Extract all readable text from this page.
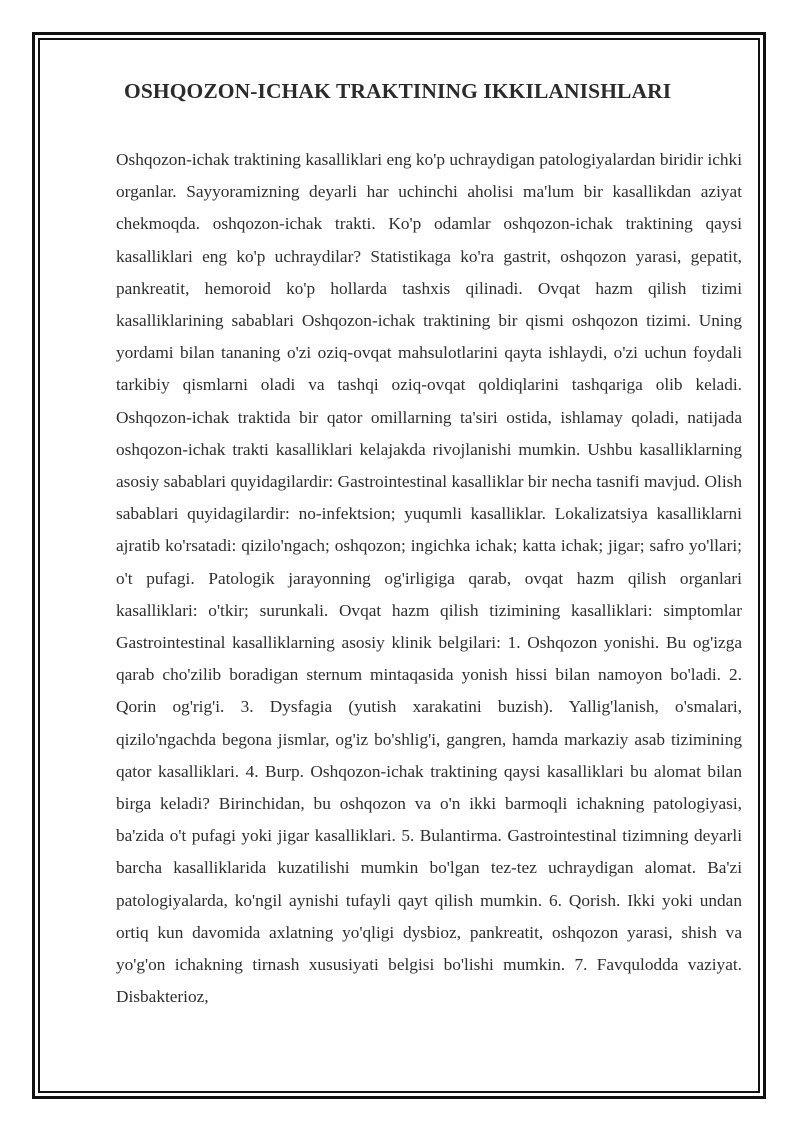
OSHQOZON-ICHAK TRAKTINING IKKILANISHLARI

Oshqozon-ichak traktining kasalliklari eng ko'p uchraydigan patologiyalardan biridir ichki organlar. Sayyoramizning deyarli har uchinchi aholisi ma'lum bir kasallikdan aziyat chekmoqda. oshqozon-ichak trakti. Ko'p odamlar oshqozon-ichak traktining qaysi kasalliklari eng ko'p uchraydilar? Statistikaga ko'ra gastrit, oshqozon yarasi, gepatit, pankreatit, hemoroid ko'p hollarda tashxis qilinadi. Ovqat hazm qilish tizimi kasalliklarining sabablari Oshqozon-ichak traktining bir qismi oshqozon tizimi. Uning yordami bilan tananing o'zi oziq-ovqat mahsulotlarini qayta ishlaydi, o'zi uchun foydali tarkibiy qismlarni oladi va tashqi oziq-ovqat qoldiqlarini tashqariga olib keladi. Oshqozon-ichak traktida bir qator omillarning ta'siri ostida, ishlamay qoladi, natijada oshqozon-ichak trakti kasalliklari kelajakda rivojlanishi mumkin. Ushbu kasalliklarning asosiy sabablari quyidagilardir: Gastrointestinal kasalliklar bir necha tasnifi mavjud. Olish sabablari quyidagilardir: no-infektsion; yuqumli kasalliklar. Lokalizatsiya kasalliklarni ajratib ko'rsatadi: qizilo'ngach; oshqozon; ingichka ichak; katta ichak; jigar; safro yo'llari; o't pufagi. Patologik jarayonning og'irligiga qarab, ovqat hazm qilish organlari kasalliklari: o'tkir; surunkali. Ovqat hazm qilish tizimining kasalliklari: simptomlar Gastrointestinal kasalliklarning asosiy klinik belgilari: 1. Oshqozon yonishi. Bu og'izga qarab cho'zilib boradigan sternum mintaqasida yonish hissi bilan namoyon bo'ladi. 2. Qorin og'rig'i. 3. Dysfagia (yutish xarakatini buzish). Yallig'lanish, o'smalari, qizilo'ngachda begona jismlar, og'iz bo'shlig'i, gangren, hamda markaziy asab tizimining qator kasalliklari. 4. Burp. Oshqozon-ichak traktining qaysi kasalliklari bu alomat bilan birga keladi? Birinchidan, bu oshqozon va o'n ikki barmoqli ichakning patologiyasi, ba'zida o't pufagi yoki jigar kasalliklari. 5. Bulantirma. Gastrointestinal tizimning deyarli barcha kasalliklarida kuzatilishi mumkin bo'lgan tez-tez uchraydigan alomat. Ba'zi patologiyalarda, ko'ngil aynishi tufayli qayt qilish mumkin. 6. Qorish. Ikki yoki undan ortiq kun davomida axlatning yo'qligi dysbioz, pankreatit, oshqozon yarasi, shish va yo'g'on ichakning tirnash xususiyati belgisi bo'lishi mumkin. 7. Favqulodda vaziyat. Disbakterioz,
